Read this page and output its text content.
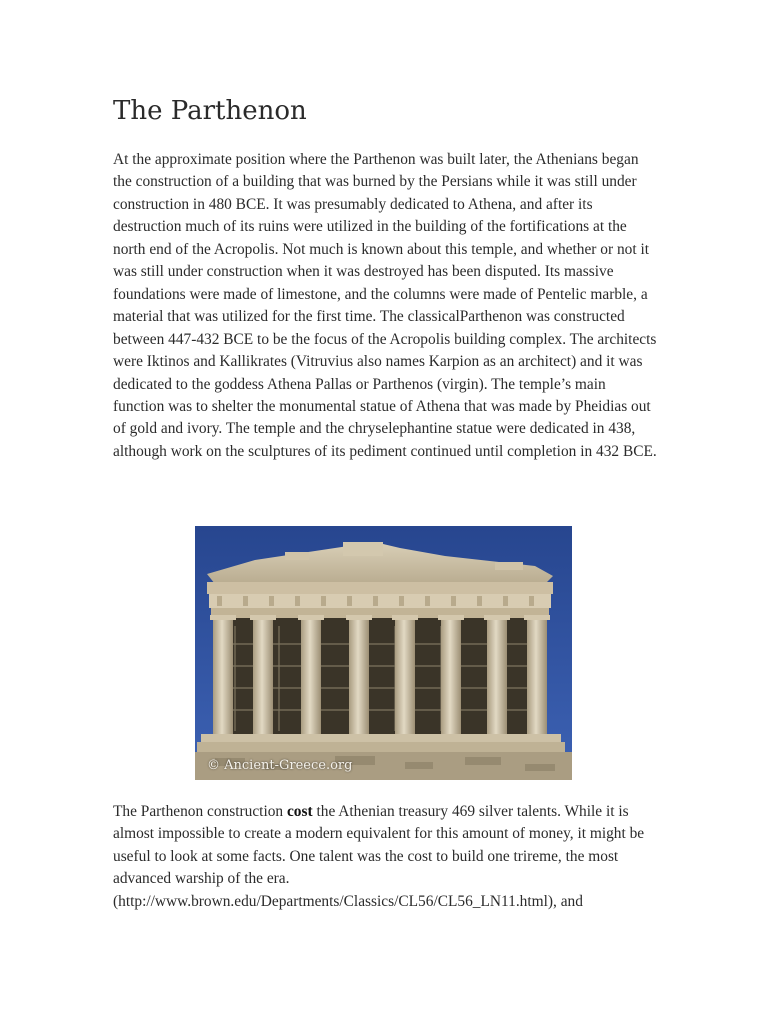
The Parthenon

At the approximate position where the Parthenon was built later, the Athenians began the construction of a building that was burned by the Persians while it was still under construction in 480 BCE. It was presumably dedicated to Athena, and after its destruction much of its ruins were utilized in the building of the fortifications at the north end of the Acropolis. Not much is known about this temple, and whether or not it was still under construction when it was destroyed has been disputed. Its massive foundations were made of limestone, and the columns were made of Pentelic marble, a material that was utilized for the first time. The classicalParthenon was constructed between 447-432 BCE to be the focus of the Acropolis building complex. The architects were Iktinos and Kallikrates (Vitruvius also names Karpion as an architect) and it was dedicated to the goddess Athena Pallas or Parthenos (virgin). The temple’s main function was to shelter the monumental statue of Athena that was made by Pheidias out of gold and ivory. The temple and the chryselephantine statue were dedicated in 438, although work on the sculptures of its pediment continued until completion in 432 BCE.

© Ancient-Greece.org

The Parthenon construction cost the Athenian treasury 469 silver talents. While it is almost impossible to create a modern equivalent for this amount of money, it might be useful to look at some facts. One talent was the cost to build one trireme, the most advanced warship of the era. (http://www.brown.edu/Departments/Classics/CL56/CL56_LN11.html), and
